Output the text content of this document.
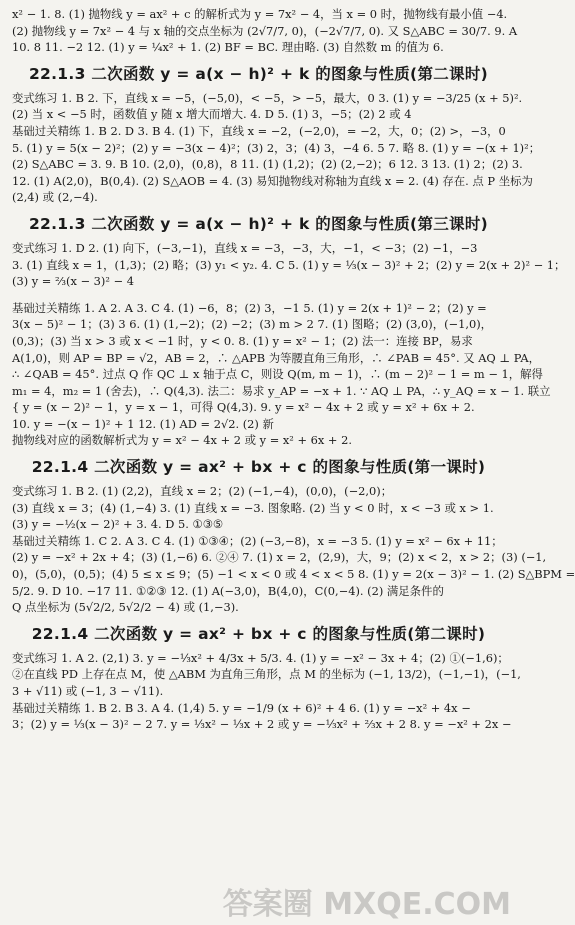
x² − 1. 8. (1) 抛物线 y = ax² + c 的解析式为 y = 7x² − 4，当 x = 0 时，抛物线有最小值 −4.

(2) 抛物线 y = 7x² − 4 与 x 轴的交点坐标为 (2√7/7, 0)，(−2√7/7, 0). 又 S△ABC = 30/7. 9. A

10. 8 11. −2 12. (1) y = ¼x² + 1. (2) BF = BC. 理由略. (3) 自然数 m 的值为 6.

22.1.3 二次函数 y = a(x − h)² + k 的图象与性质(第二课时)

变式练习 1. B 2. 下，直线 x = −5，(−5,0)，< −5，> −5，最大，0 3. (1) y = −3/25 (x + 5)².

(2) 当 x < −5 时，函数值 y 随 x 增大而增大. 4. D 5. (1) 3，−5；(2) 2 或 4

基础过关精练 1. B 2. D 3. B 4. (1) 下，直线 x = −2，(−2,0)，= −2，大，0；(2) >，−3，0

5. (1) y = 5(x − 2)²；(2) y = −3(x − 4)²；(3) 2，3；(4) 3，−4 6. 5 7. 略 8. (1) y = −(x + 1)²；

(2) S△ABC = 3. 9. B 10. (2,0)，(0,8)，8 11. (1) (1,2)；(2) (2,−2)；6 12. 3 13. (1) 2；(2) 3.

12. (1) A(2,0)，B(0,4). (2) S△AOB = 4. (3) 易知抛物线对称轴为直线 x = 2. (4) 存在. 点 P 坐标为

(2,4) 或 (2,−4).

22.1.3 二次函数 y = a(x − h)² + k 的图象与性质(第三课时)

变式练习 1. D 2. (1) 向下，(−3,−1)，直线 x = −3，−3，大，−1，< −3；(2) −1，−3

3. (1) 直线 x = 1，(1,3)；(2) 略；(3) y₁ < y₂. 4. C 5. (1) y = ⅓(x − 3)² + 2；(2) y = 2(x + 2)² − 1；

(3) y = ⅔(x − 3)² − 4

基础过关精练 1. A 2. A 3. C 4. (1) −6，8；(2) 3，−1 5. (1) y = 2(x + 1)² − 2；(2) y =

3(x − 5)² − 1；(3) 3 6. (1) (1,−2)；(2) −2；(3) m > 2 7. (1) 图略；(2) (3,0)，(−1,0)，

(0,3)；(3) 当 x > 3 或 x < −1 时，y < 0. 8. (1) y = x² − 1；(2) 法一：连接 BP，易求

A(1,0)，则 AP = BP = √2，AB = 2，∴ △APB 为等腰直角三角形，∴ ∠PAB = 45°. 又 AQ ⊥ PA，

∴ ∠QAB = 45°. 过点 Q 作 QC ⊥ x 轴于点 C，则设 Q(m, m − 1)，∴ (m − 2)² − 1 = m − 1，解得

m₁ = 4，m₂ = 1 (舍去)，∴ Q(4,3). 法二：易求 y_AP = −x + 1. ∵ AQ ⊥ PA，∴ y_AQ = x − 1. 联立

{ y = (x − 2)² − 1，y = x − 1，可得 Q(4,3). 9. y = x² − 4x + 2 或 y = x² + 6x + 2.

10. y = −(x − 1)² + 1 12. (1) AD = 2√2. (2) 新

抛物线对应的函数解析式为 y = x² − 4x + 2 或 y = x² + 6x + 2.

22.1.4 二次函数 y = ax² + bx + c 的图象与性质(第一课时)

变式练习 1. B 2. (1) (2,2)，直线 x = 2；(2) (−1,−4)，(0,0)，(−2,0)；

(3) 直线 x = 3；(4) (1,−4) 3. (1) 直线 x = −3. 图象略. (2) 当 y < 0 时，x < −3 或 x > 1.

(3) y = −½(x − 2)² + 3. 4. D 5. ①③⑤

基础过关精练 1. C 2. A 3. C 4. (1) ①③④；(2) (−3,−8)，x = −3 5. (1) y = x² − 6x + 11；

(2) y = −x² + 2x + 4；(3) (1,−6) 6. ②④ 7. (1) x = 2，(2,9)，大，9；(2) x < 2，x > 2；(3) (−1,

0)，(5,0)，(0,5)；(4) 5 ≤ x ≤ 9；(5) −1 < x < 0 或 4 < x < 5 8. (1) y = 2(x − 3)² − 1. (2) S△BPM =

5/2. 9. D 10. −17 11. ①②③ 12. (1) A(−3,0)，B(4,0)，C(0,−4). (2) 满足条件的

Q 点坐标为 (5√2/2, 5√2/2 − 4) 或 (1,−3).

22.1.4 二次函数 y = ax² + bx + c 的图象与性质(第二课时)

变式练习 1. A 2. (2,1) 3. y = −⅓x² + 4/3x + 5/3. 4. (1) y = −x² − 3x + 4；(2) ①(−1,6)；

②在直线 PD 上存在点 M，使 △ABM 为直角三角形，点 M 的坐标为 (−1, 13/2)，(−1,−1)，(−1,

3 + √11) 或 (−1, 3 − √11).

基础过关精练 1. B 2. B 3. A 4. (1,4) 5. y = −1/9 (x + 6)² + 4 6. (1) y = −x² + 4x −

3；(2) y = ⅓(x − 3)² − 2 7. y = ⅓x² − ⅓x + 2 或 y = −⅓x² + ⅔x + 2 8. y = −x² + 2x −

答案圈 MXQE.COM
